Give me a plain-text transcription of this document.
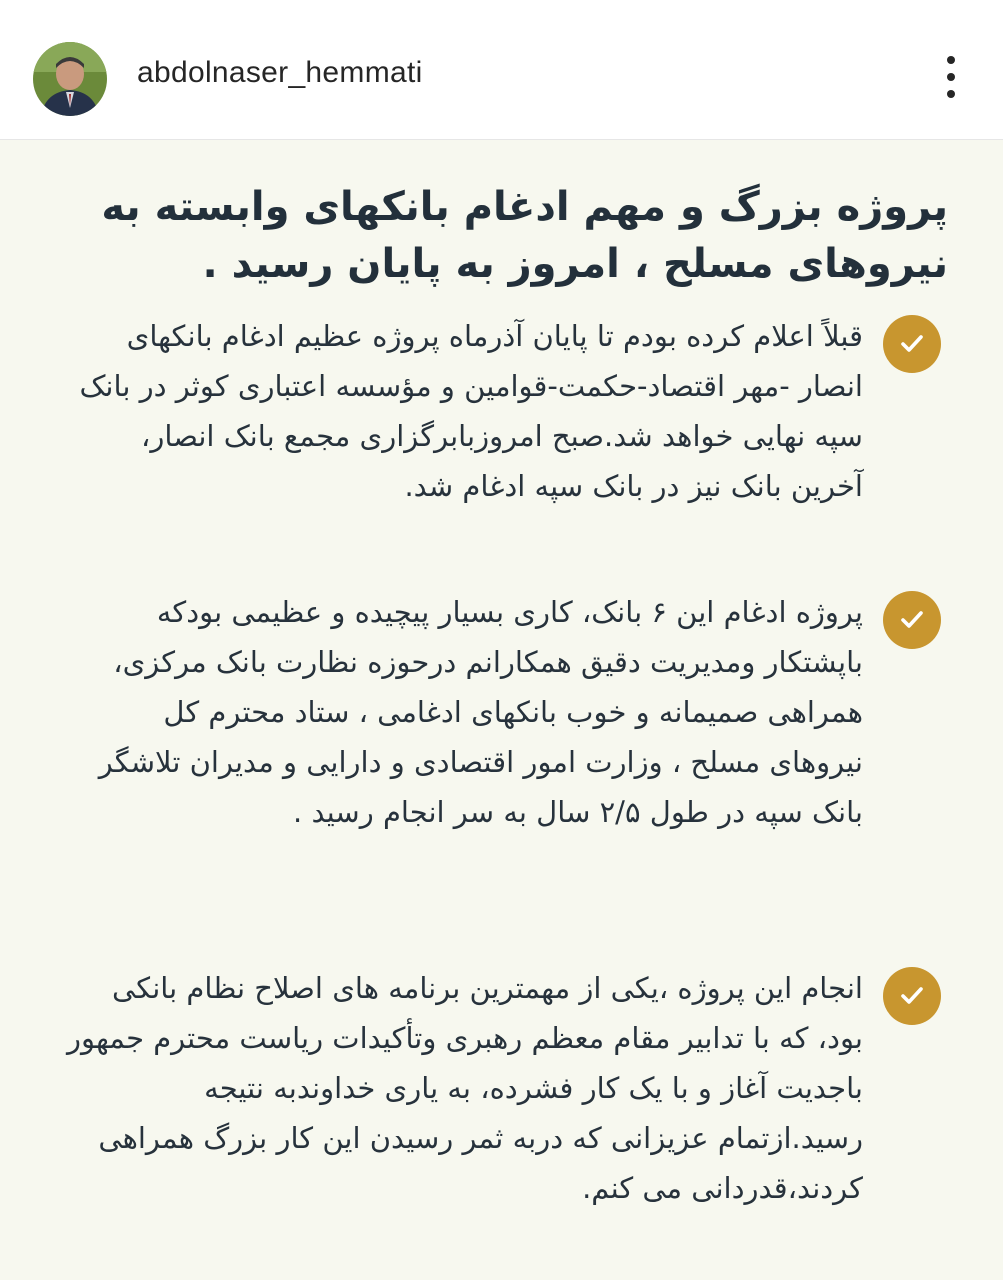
abdolnaser_hemmati
پروژه بزرگ و مهم ادغام بانکهای وابسته به نیروهای مسلح ، امروز به پایان رسید .
قبلاً اعلام کرده بودم تا پایان آذرماه پروژه عظیم ادغام بانکهای انصار -مهر اقتصاد-حکمت-قوامین و مؤسسه اعتباری کوثر در بانک سپه نهایی خواهد شد.صبح امروزبابرگزاری مجمع بانک انصار، آخرین بانک نیز در بانک سپه ادغام شد.
پروژه ادغام این ۶ بانک، کاری بسیار پیچیده و عظیمی بودکه باپشتکار ومدیریت دقیق همکارانم درحوزه نظارت بانک مرکزی، همراهی صمیمانه و خوب بانکهای ادغامی ، ستاد محترم کل نیروهای مسلح ، وزارت امور اقتصادی و دارایی و مدیران تلاشگر بانک سپه در طول ۲/۵ سال به سر انجام رسید .
انجام این پروژه ،یکی از مهمترین برنامه های اصلاح نظام بانکی بود، که با تدابیر مقام معظم رهبری وتأکیدات ریاست محترم جمهور باجدیت آغاز و با یک کار فشرده، به یاری خداوندبه نتیجه رسید.ازتمام عزیزانی که دربه ثمر رسیدن این کار بزرگ همراهی کردند،قدردانی می کنم.
